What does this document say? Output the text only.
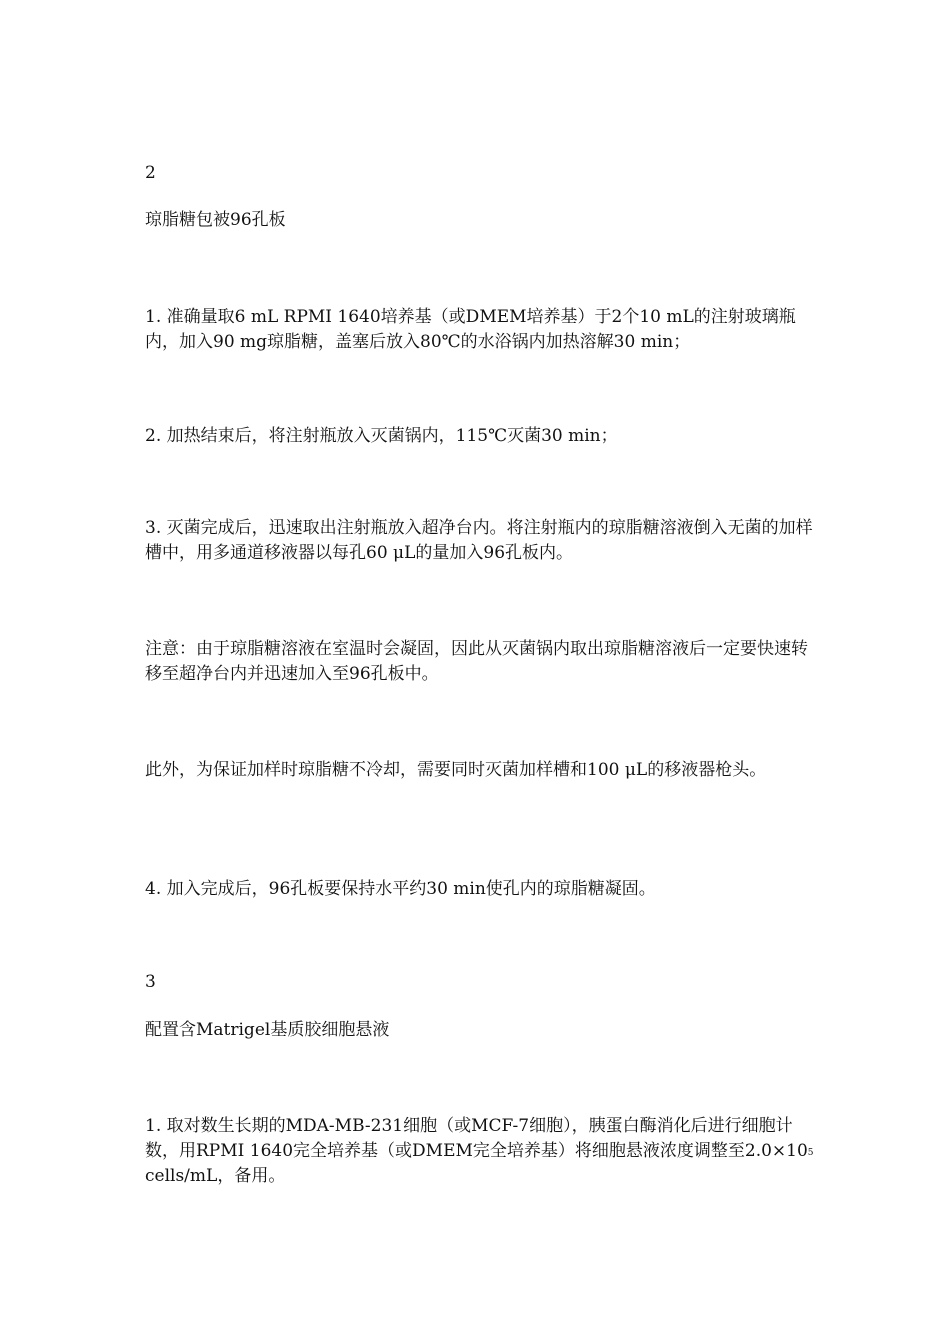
2

琼脂糖包被96孔板

1. 准确量取6 mL RPMI 1640培养基（或DMEM培养基）于2个10 mL的注射玻璃瓶内，加入90 mg琼脂糖，盖塞后放入80℃的水浴锅内加热溶解30 min；

2. 加热结束后，将注射瓶放入灭菌锅内，115℃灭菌30 min；

3. 灭菌完成后，迅速取出注射瓶放入超净台内。将注射瓶内的琼脂糖溶液倒入无菌的加样槽中，用多通道移液器以每孔60 μL的量加入96孔板内。

注意：由于琼脂糖溶液在室温时会凝固，因此从灭菌锅内取出琼脂糖溶液后一定要快速转移至超净台内并迅速加入至96孔板中。

此外，为保证加样时琼脂糖不冷却，需要同时灭菌加样槽和100 μL的移液器枪头。

4. 加入完成后，96孔板要保持水平约30 min使孔内的琼脂糖凝固。

3

配置含Matrigel基质胶细胞悬液

1. 取对数生长期的MDA-MB-231细胞（或MCF-7细胞），胰蛋白酶消化后进行细胞计数，用RPMI 1640完全培养基（或DMEM完全培养基）将细胞悬液浓度调整至$2.0\times 10^5$　cells/mL，备用。
